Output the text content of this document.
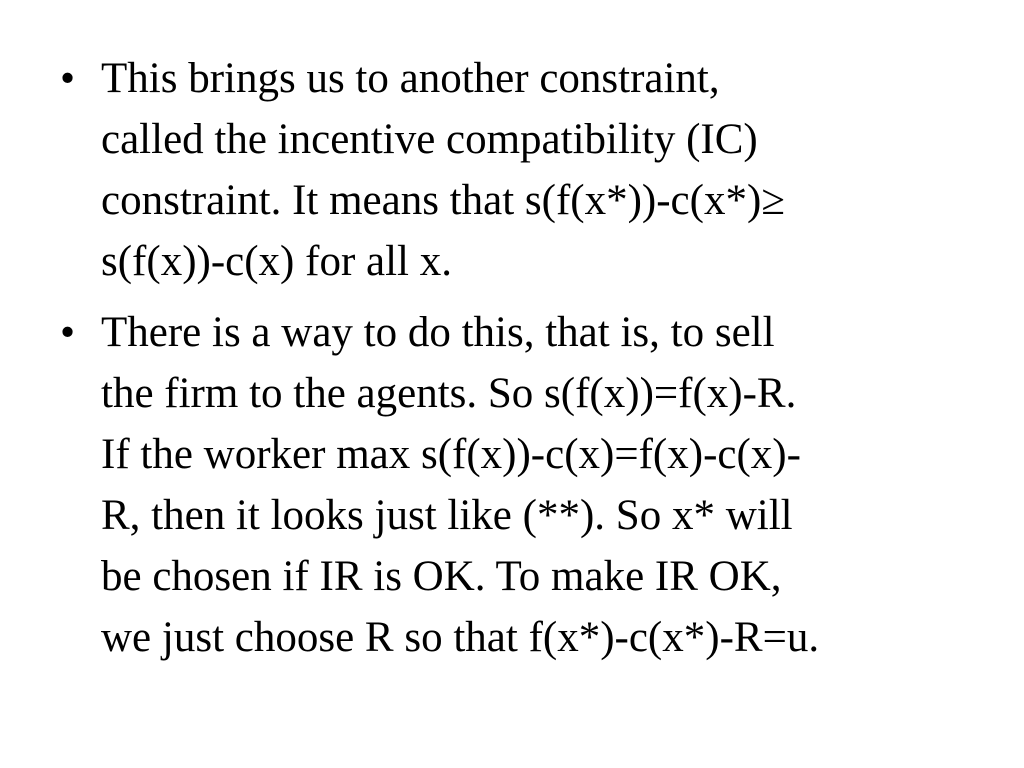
• This brings us to another constraint,
called the incentive compatibility (IC)
constraint. It means that s(f(x*))-c(x*)≥
s(f(x))-c(x) for all x.
• There is a way to do this, that is, to sell
the firm to the agents. So s(f(x))=f(x)-R.
If the worker max s(f(x))-c(x)=f(x)-c(x)-
R, then it looks just like (**). So x* will
be chosen if IR is OK. To make IR OK,
we just choose R so that f(x*)-c(x*)-R=u.
